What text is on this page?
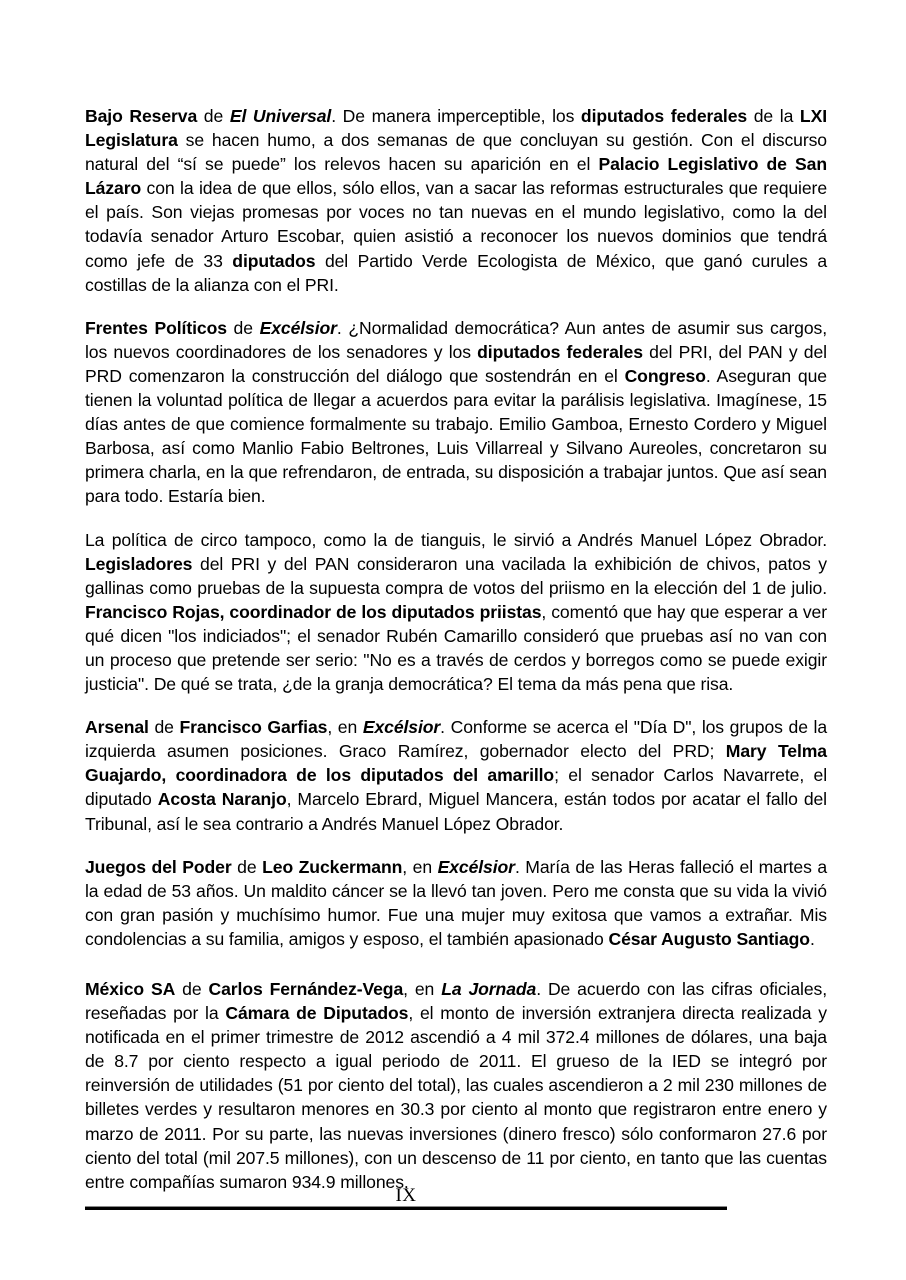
Bajo Reserva de El Universal. De manera imperceptible, los diputados federales de la LXI Legislatura se hacen humo, a dos semanas de que concluyan su gestión. Con el discurso natural del “sí se puede” los relevos hacen su aparición en el Palacio Legislativo de San Lázaro con la idea de que ellos, sólo ellos, van a sacar las reformas estructurales que requiere el país. Son viejas promesas por voces no tan nuevas en el mundo legislativo, como la del todavía senador Arturo Escobar, quien asistió a reconocer los nuevos dominios que tendrá como jefe de 33 diputados del Partido Verde Ecologista de México, que ganó curules a costillas de la alianza con el PRI.

Frentes Políticos de Excélsior. ¿Normalidad democrática? Aun antes de asumir sus cargos, los nuevos coordinadores de los senadores y los diputados federales del PRI, del PAN y del PRD comenzaron la construcción del diálogo que sostendrán en el Congreso. Aseguran que tienen la voluntad política de llegar a acuerdos para evitar la parálisis legislativa. Imagínese, 15 días antes de que comience formalmente su trabajo. Emilio Gamboa, Ernesto Cordero y Miguel Barbosa, así como Manlio Fabio Beltrones, Luis Villarreal y Silvano Aureoles, concretaron su primera charla, en la que refrendaron, de entrada, su disposición a trabajar juntos. Que así sean para todo. Estaría bien.

La política de circo tampoco, como la de tianguis, le sirvió a Andrés Manuel López Obrador. Legisladores del PRI y del PAN consideraron una vacilada la exhibición de chivos, patos y gallinas como pruebas de la supuesta compra de votos del priismo en la elección del 1 de julio. Francisco Rojas, coordinador de los diputados priistas, comentó que hay que esperar a ver qué dicen "los indiciados"; el senador Rubén Camarillo consideró que pruebas así no van con un proceso que pretende ser serio: "No es a través de cerdos y borregos como se puede exigir justicia". De qué se trata, ¿de la granja democrática? El tema da más pena que risa.

Arsenal de Francisco Garfias, en Excélsior. Conforme se acerca el "Día D", los grupos de la izquierda asumen posiciones. Graco Ramírez, gobernador electo del PRD; Mary Telma Guajardo, coordinadora de los diputados del amarillo; el senador Carlos Navarrete, el diputado Acosta Naranjo, Marcelo Ebrard, Miguel Mancera, están todos por acatar el fallo del Tribunal, así le sea contrario a Andrés Manuel López Obrador.

Juegos del Poder de Leo Zuckermann, en Excélsior. María de las Heras falleció el martes a la edad de 53 años. Un maldito cáncer se la llevó tan joven. Pero me consta que su vida la vivió con gran pasión y muchísimo humor. Fue una mujer muy exitosa que vamos a extrañar. Mis condolencias a su familia, amigos y esposo, el también apasionado César Augusto Santiago.

México SA de Carlos Fernández-Vega, en La Jornada. De acuerdo con las cifras oficiales, reseñadas por la Cámara de Diputados, el monto de inversión extranjera directa realizada y notificada en el primer trimestre de 2012 ascendió a 4 mil 372.4 millones de dólares, una baja de 8.7 por ciento respecto a igual periodo de 2011. El grueso de la IED se integró por reinversión de utilidades (51 por ciento del total), las cuales ascendieron a 2 mil 230 millones de billetes verdes y resultaron menores en 30.3 por ciento al monto que registraron entre enero y marzo de 2011. Por su parte, las nuevas inversiones (dinero fresco) sólo conformaron 27.6 por ciento del total (mil 207.5 millones), con un descenso de 11 por ciento, en tanto que las cuentas entre compañías sumaron 934.9 millones.

IX
